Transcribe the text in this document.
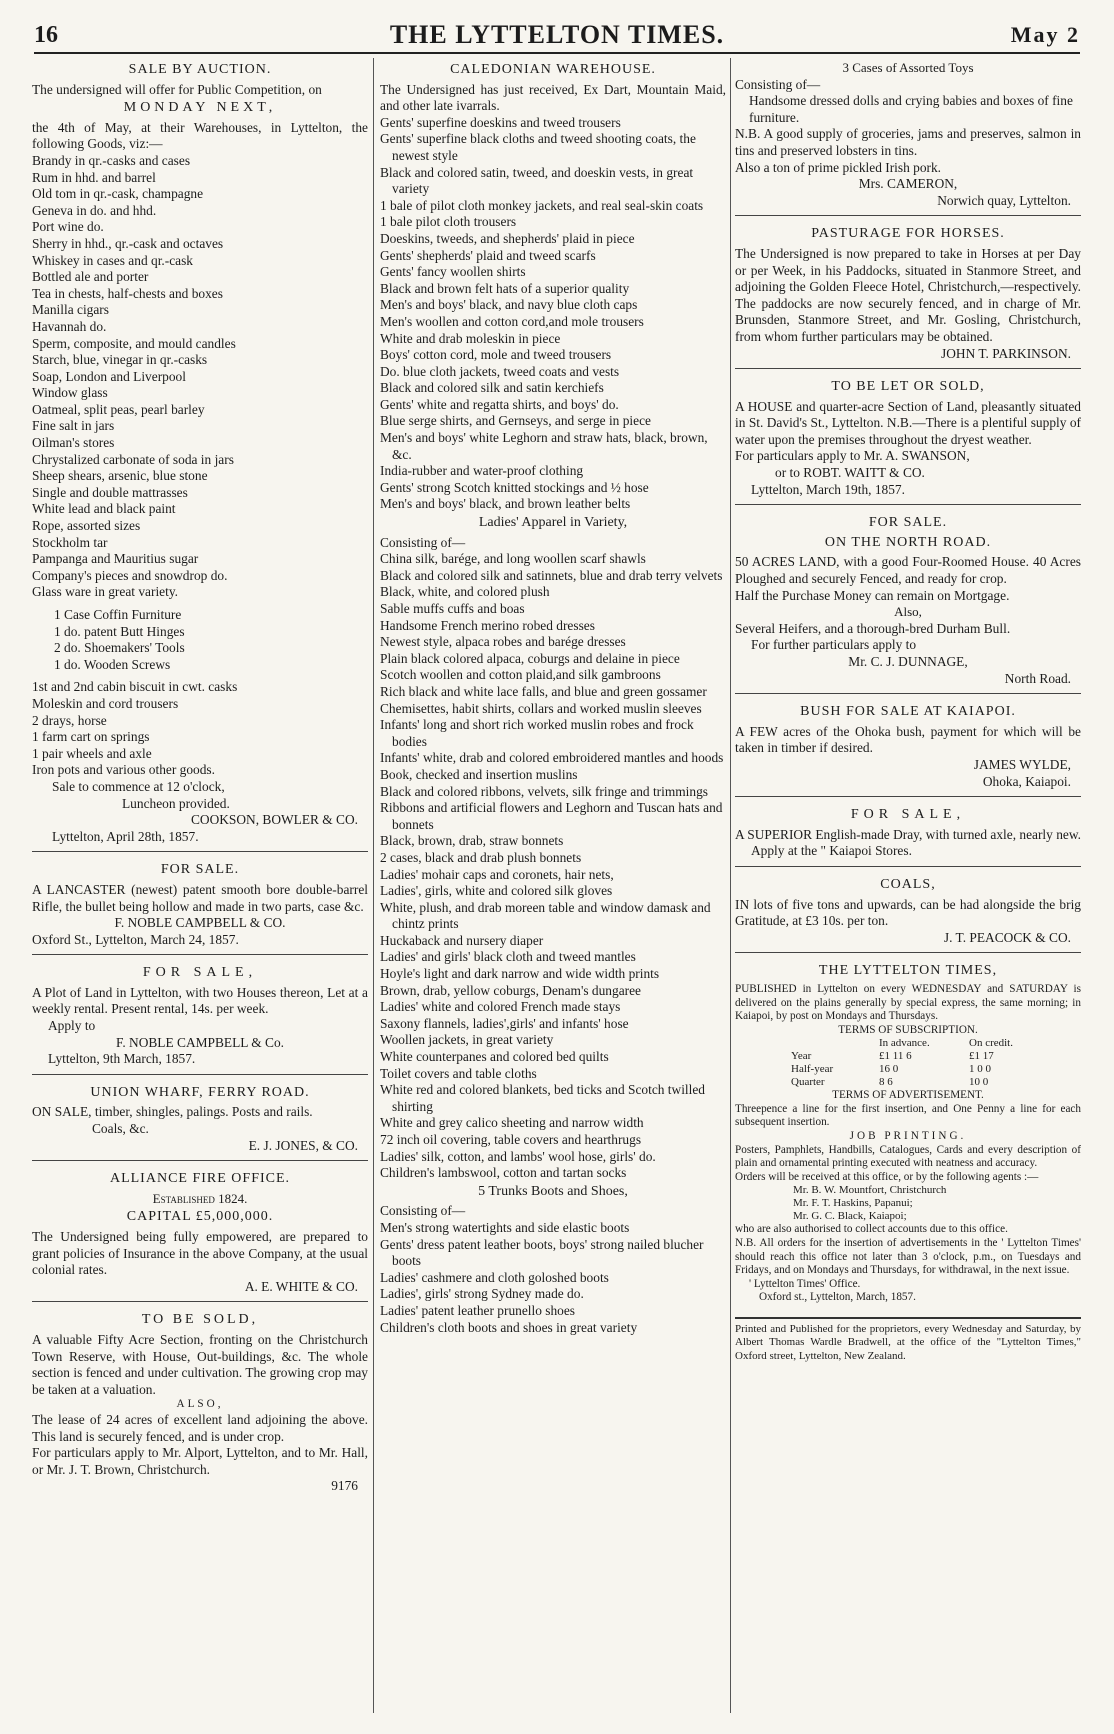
16	THE LYTTELTON TIMES.	May 2
SALE BY AUCTION.
The undersigned will offer for Public Competition, on
MONDAY NEXT,
the 4th of May, at their Warehouses, in Lyttelton, the following Goods, viz:—
Brandy in qr.-casks and cases
Rum in hhd. and barrel
Old tom in qr.-cask, champagne
Geneva in do. and hhd.
Port wine do.
Sherry in hhd., qr.-cask and octaves
Whiskey in cases and qr.-cask
Bottled ale and porter
Tea in chests, half-chests and boxes
Manilla cigars
Havannah do.
Sperm, composite, and mould candles
Starch, blue, vinegar in qr.-casks
Soap, London and Liverpool
Window glass
Oatmeal, split peas, pearl barley
Fine salt in jars
Oilman's stores
Chrystalized carbonate of soda in jars
Sheep shears, arsenic, blue stone
Single and double mattrasses
White lead and black paint
Rope, assorted sizes
Stockholm tar
Pampanga and Mauritius sugar
Company's pieces and snowdrop do.
Glass ware in great variety.
1 Case Coffin Furniture
1 do. patent Butt Hinges
2 do. Shoemakers' Tools
1 do. Wooden Screws
1st and 2nd cabin biscuit in cwt. casks
Moleskin and cord trousers
2 drays, horse
1 farm cart on springs
1 pair wheels and axle
Iron pots and various other goods.
Sale to commence at 12 o'clock,
Luncheon provided.
COOKSON, BOWLER & CO.
Lyttelton, April 28th, 1857.
FOR SALE.
A LANCASTER (newest) patent smooth bore double-barrel Rifle, the bullet being hollow and made in two parts, case &c.
F. NOBLE CAMPBELL & CO.
Oxford St., Lyttelton, March 24, 1857.
FOR SALE,
A Plot of Land in Lyttelton, with two Houses thereon, Let at a weekly rental. Present rental, 14s. per week.
Apply to
F. NOBLE CAMPBELL & Co.
Lyttelton, 9th March, 1857.
UNION WHARF, FERRY ROAD.
ON SALE, timber, shingles, palings. Posts and rails.
Coals, &c.
E. J. JONES, & CO.
ALLIANCE FIRE OFFICE.
Established 1824.
CAPITAL £5,000,000.
The Undersigned being fully empowered, are prepared to grant policies of Insurance in the above Company, at the usual colonial rates.
A. E. WHITE & CO.
TO BE SOLD,
A valuable Fifty Acre Section, fronting on the Christchurch Town Reserve, with House, Out-buildings, &c. The whole section is fenced and under cultivation. The growing crop may be taken at a valuation.
ALSO,
The lease of 24 acres of excellent land adjoining the above. This land is securely fenced, and is under crop.
For particulars apply to Mr. Alport, Lyttelton, and to Mr. Hall, or Mr. J. T. Brown, Christchurch.
9176
CALEDONIAN WAREHOUSE.
The Undersigned has just received, Ex Dart, Mountain Maid, and other late ivarrals.
Gents' superfine doeskins and tweed trousers
Gents' superfine black cloths and tweed shooting coats, the newest style
Black and colored satin, tweed, and doeskin vests, in great variety
1 bale of pilot cloth monkey jackets, and real seal-skin coats
1 bale pilot cloth trousers
Doeskins, tweeds, and shepherds' plaid in piece
Gents' shepherds' plaid and tweed scarfs
Gents' fancy woollen shirts
Black and brown felt hats of a superior quality
Men's and boys' black, and navy blue cloth caps
Men's woollen and cotton cord,and mole trousers
White and drab moleskin in piece
Boys' cotton cord, mole and tweed trousers
Do. blue cloth jackets, tweed coats and vests
Black and colored silk and satin kerchiefs
Gents' white and regatta shirts, and boys' do.
Blue serge shirts, and Gernseys, and serge in piece
Men's and boys' white Leghorn and straw hats, black, brown, &c.
India-rubber and water-proof clothing
Gents' strong Scotch knitted stockings and ½ hose
Men's and boys' black, and brown leather belts
Ladies' Apparel in Variety,
Consisting of—
China silk, barége, and long woollen scarf shawls
Black and colored silk and satinnets, blue and drab terry velvets
Black, white, and colored plush
Sable muffs cuffs and boas
Handsome French merino robed dresses
Newest style, alpaca robes and barége dresses
Plain black colored alpaca, coburgs and delaine in piece
Scotch woollen and cotton plaid,and silk gambroons
Rich black and white lace falls, and blue and green gossamer
Chemisettes, habit shirts, collars and worked muslin sleeves
Infants' long and short rich worked muslin robes and frock bodies
Infants' white, drab and colored embroidered mantles and hoods
Book, checked and insertion muslins
Black and colored ribbons, velvets, silk fringe and trimmings
Ribbons and artificial flowers and Leghorn and Tuscan hats and bonnets
Black, brown, drab, straw bonnets
2 cases, black and drab plush bonnets
Ladies' mohair caps and coronets, hair nets,
Ladies', girls, white and colored silk gloves
White, plush, and drab moreen table and window damask and chintz prints
Huckaback and nursery diaper
Ladies' and girls' black cloth and tweed mantles
Hoyle's light and dark narrow and wide width prints
Brown, drab, yellow coburgs, Denam's dungaree
Ladies' white and colored French made stays
Saxony flannels, ladies',girls' and infants' hose
Woollen jackets, in great variety
White counterpanes and colored bed quilts
Toilet covers and table cloths
White red and colored blankets, bed ticks and Scotch twilled shirting
White and grey calico sheeting and narrow width
72 inch oil covering, table covers and hearthrugs
Ladies' silk, cotton, and lambs' wool hose, girls' do.
Children's lambswool, cotton and tartan socks
5 Trunks Boots and Shoes,
Consisting of—
Men's strong watertights and side elastic boots
Gents' dress patent leather boots, boys' strong nailed blucher boots
Ladies' cashmere and cloth goloshed boots
Ladies', girls' strong Sydney made do.
Ladies' patent leather prunello shoes
Children's cloth boots and shoes in great variety
3 Cases of Assorted Toys
Consisting of—
Handsome dressed dolls and crying babies and boxes of fine furniture.
N.B. A good supply of groceries, jams and preserves, salmon in tins and preserved lobsters in tins.
Also a ton of prime pickled Irish pork.
Mrs. CAMERON,
Norwich quay, Lyttelton.
PASTURAGE FOR HORSES.
The Undersigned is now prepared to take in Horses at per Day or per Week, in his Paddocks, situated in Stanmore Street, and adjoining the Golden Fleece Hotel, Christchurch,—respectively. The paddocks are now securely fenced, and in charge of Mr. Brunsden, Stanmore Street, and Mr. Gosling, Christchurch, from whom further particulars may be obtained.
JOHN T. PARKINSON.
TO BE LET OR SOLD,
A HOUSE and quarter-acre Section of Land, pleasantly situated in St. David's St., Lyttelton. N.B.—There is a plentiful supply of water upon the premises throughout the dryest weather.
For particulars apply to Mr. A. SWANSON,
or to ROBT. WAITT & CO.
Lyttelton, March 19th, 1857.
FOR SALE.
ON THE NORTH ROAD.
50 ACRES LAND, with a good Four-Roomed House. 40 Acres Ploughed and securely Fenced, and ready for crop.
Half the Purchase Money can remain on Mortgage.
Also,
Several Heifers, and a thorough-bred Durham Bull.
For further particulars apply to
Mr. C. J. DUNNAGE,
North Road.
BUSH FOR SALE AT KAIAPOI.
A FEW acres of the Ohoka bush, payment for which will be taken in timber if desired.
JAMES WYLDE,
Ohoka, Kaiapoi.
FOR SALE,
A SUPERIOR English-made Dray, with turned axle, nearly new.
Apply at the " Kaiapoi Stores.
COALS,
IN lots of five tons and upwards, can be had alongside the brig Gratitude, at £3 10s. per ton.
J. T. PEACOCK & CO.
THE LYTTELTON TIMES,
PUBLISHED in Lyttelton on every WEDNESDAY and SATURDAY is delivered on the plains generally by special express, the same morning; in Kaiapoi, by post on Mondays and Thursdays.
TERMS OF SUBSCRIPTION.
In advance.	On credit.
Year	£1 11 6	£1 17
Half-year	16 0	1 0 0
Quarter	8 6	10 0
TERMS OF ADVERTISEMENT.
Threepence a line for the first insertion, and One Penny a line for each subsequent insertion.
JOB PRINTING.
Posters, Pamphlets, Handbills, Catalogues, Cards and every description of plain and ornamental printing executed with neatness and accuracy.
Orders will be received at this office, or by the following agents :—
Mr. B. W. Mountfort, Christchurch
Mr. F. T. Haskins, Papanui;
Mr. G. C. Black, Kaiapoi;
who are also authorised to collect accounts due to this office.
N.B. All orders for the insertion of advertisements in the ' Lyttelton Times' should reach this office not later than 3 o'clock, p.m., on Tuesdays and Fridays, and on Mondays and Thursdays, for withdrawal, in the next issue.
' Lyttelton Times' Office.
Oxford st., Lyttelton, March, 1857.
Printed and Published for the proprietors, every Wednesday and Saturday, by Albert Thomas Wardle Bradwell, at the office of the "Lyttelton Times," Oxford street, Lyttelton, New Zealand.
